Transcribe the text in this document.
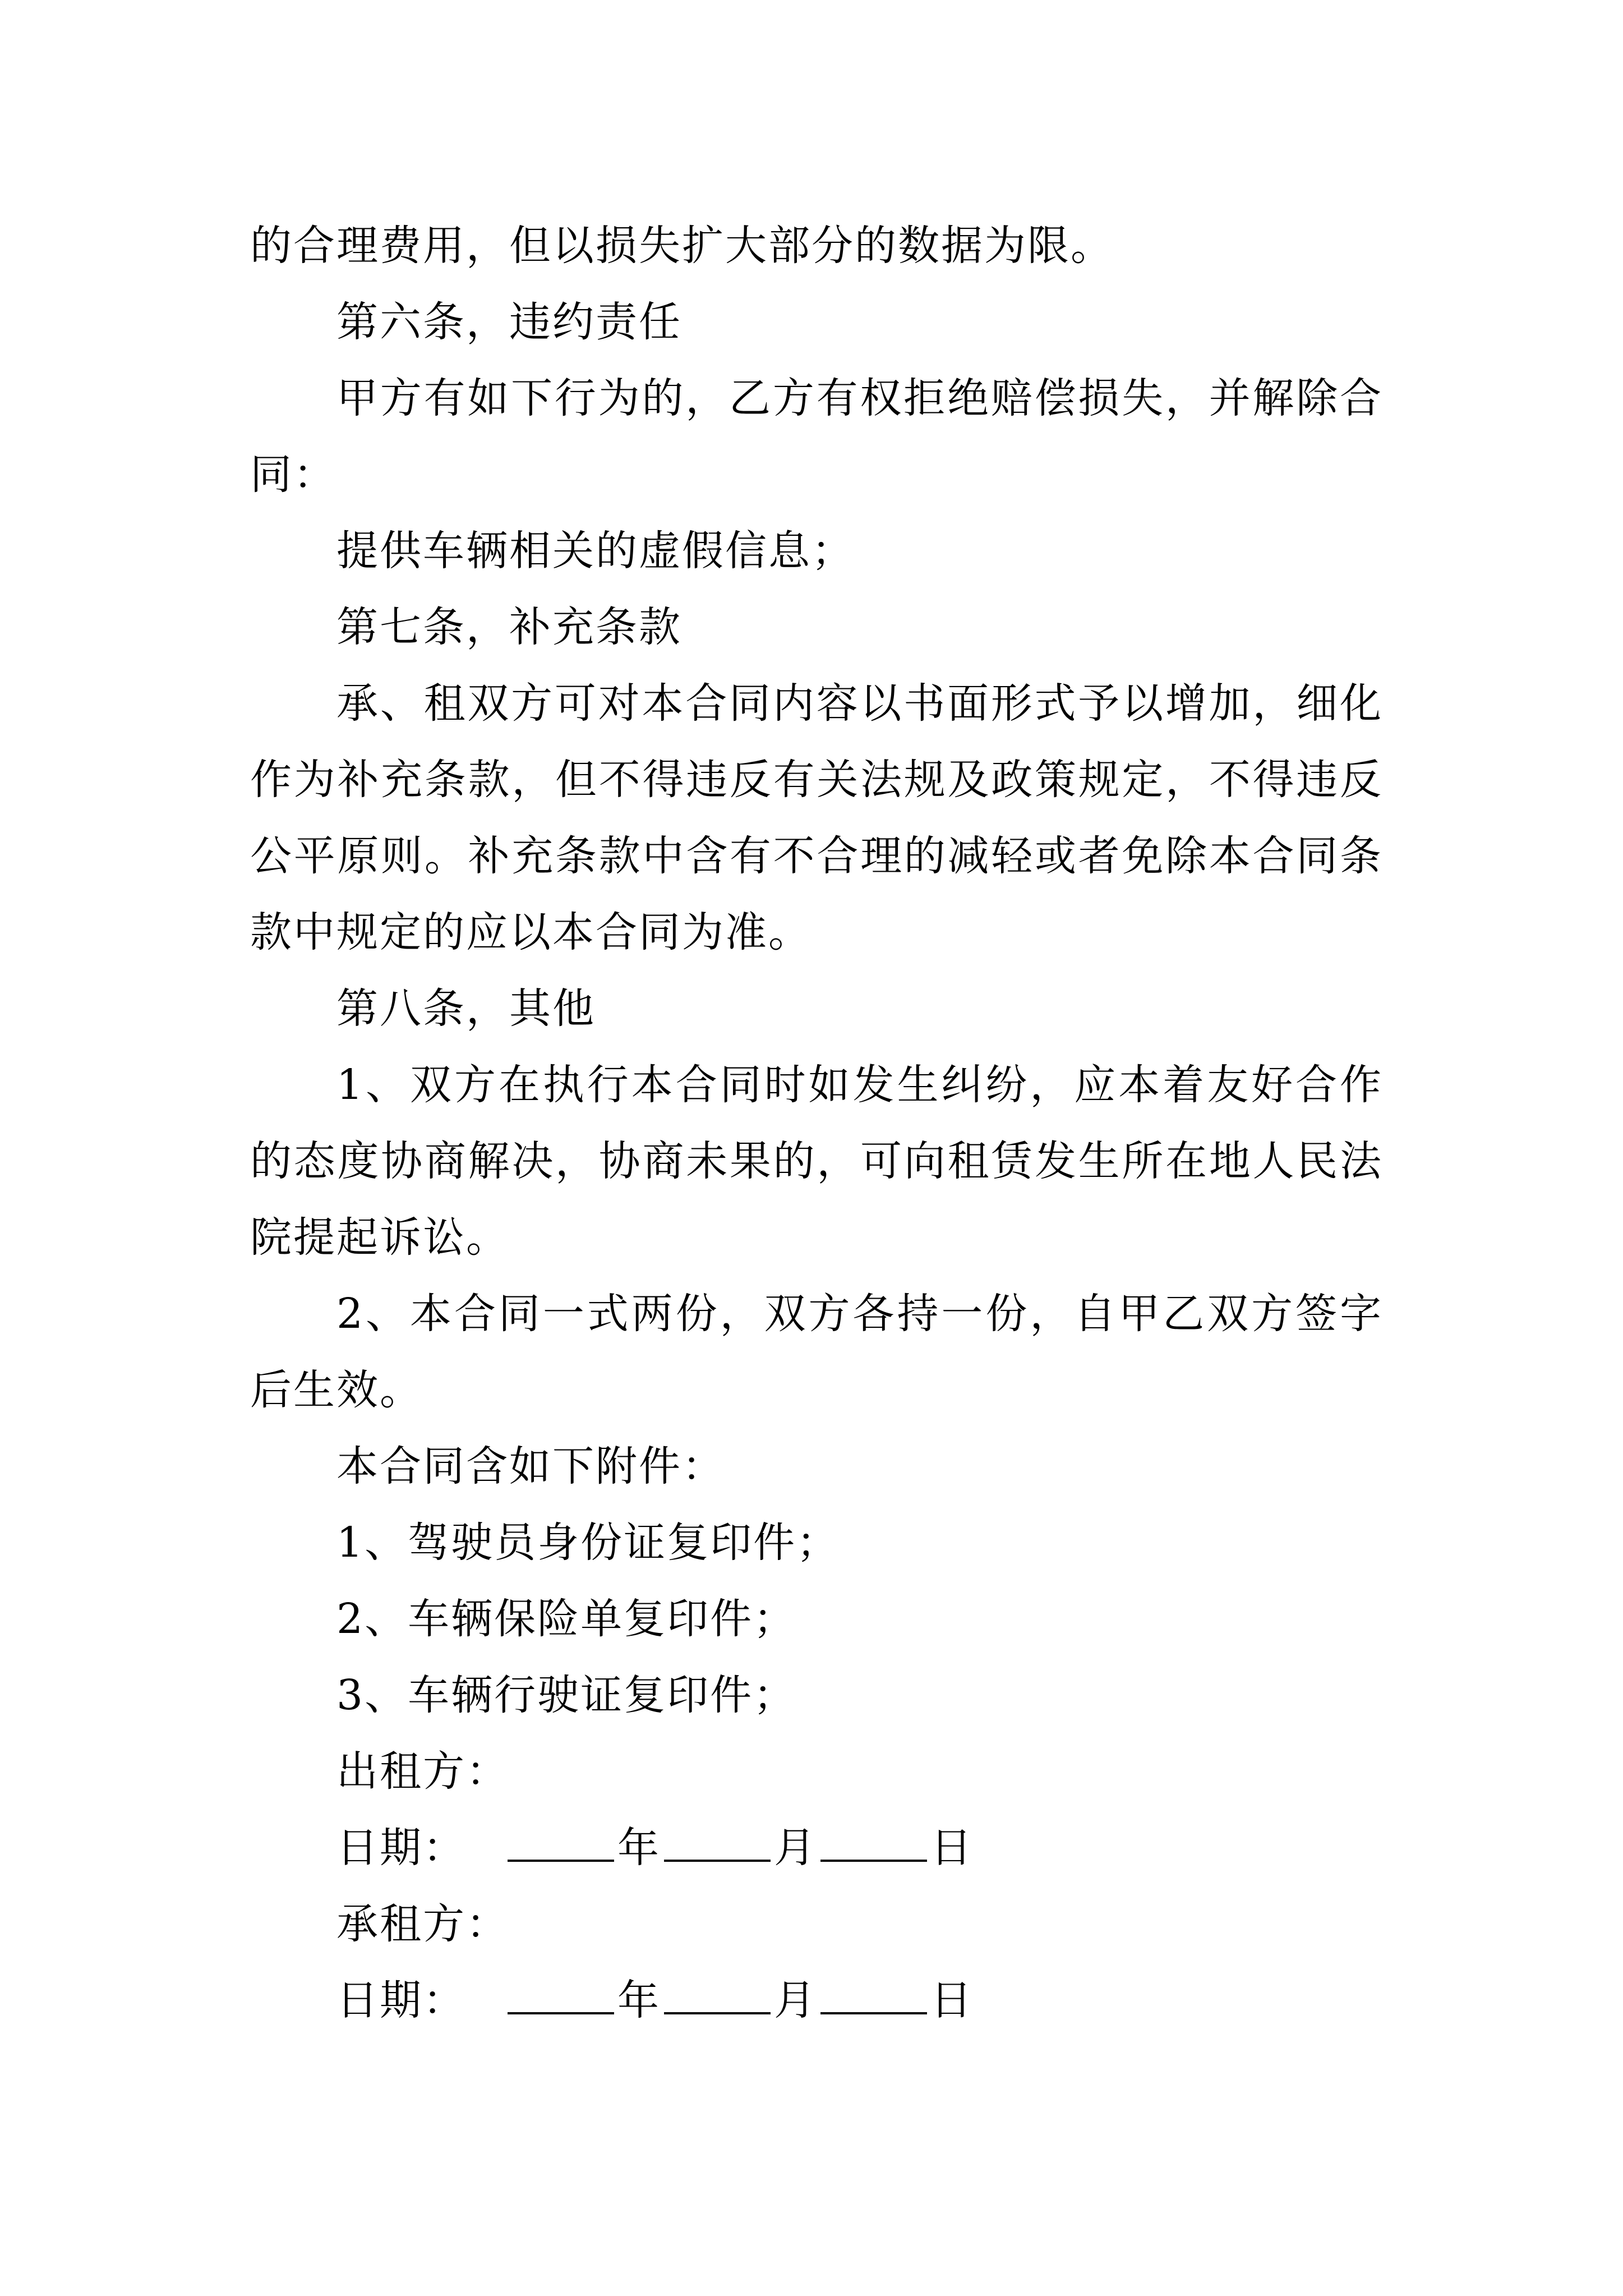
的合理费用，但以损失扩大部分的数据为限。

第六条，违约责任

甲方有如下行为的，乙方有权拒绝赔偿损失，并解除合同：

提供车辆相关的虚假信息；

第七条，补充条款

承、租双方可对本合同内容以书面形式予以增加，细化作为补充条款，但不得违反有关法规及政策规定，不得违反公平原则。补充条款中含有不合理的减轻或者免除本合同条款中规定的应以本合同为准。

第八条，其他

1、双方在执行本合同时如发生纠纷，应本着友好合作的态度协商解决，协商未果的，可向租赁发生所在地人民法院提起诉讼。

2、本合同一式两份，双方各持一份，自甲乙双方签字后生效。

本合同含如下附件：

1、驾驶员身份证复印件；

2、车辆保险单复印件；

3、车辆行驶证复印件；

出租方：

日期：	年	月	日

承租方：

日期：	年	月	日
